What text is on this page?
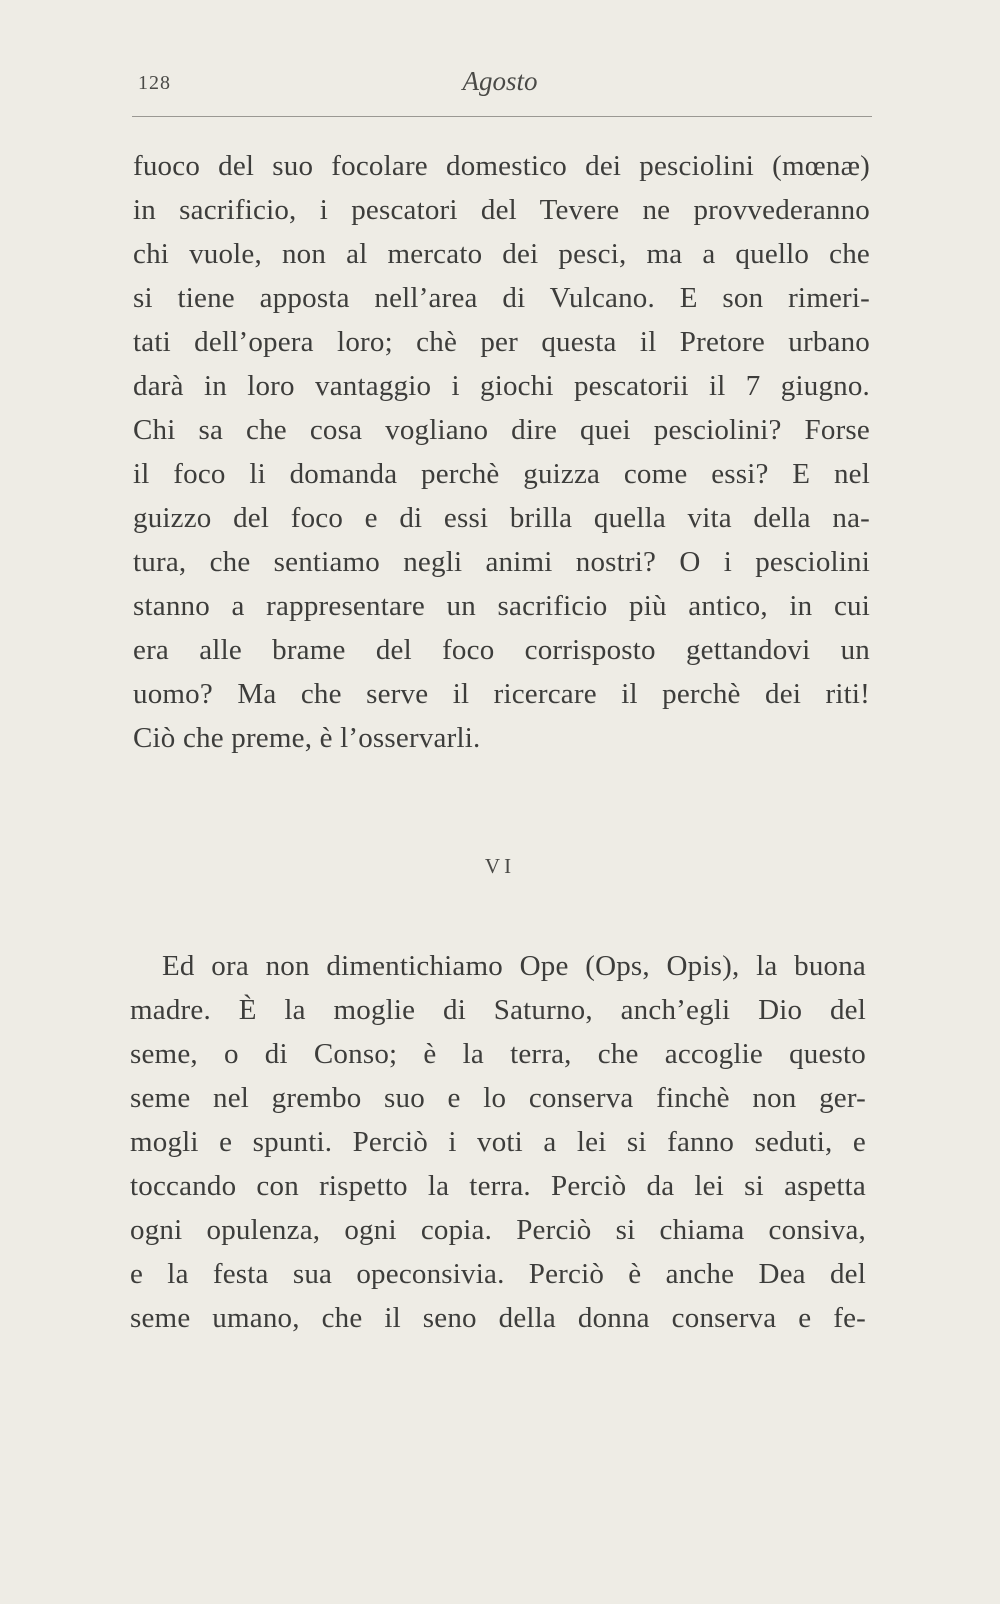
128	Agosto
fuoco del suo focolare domestico dei pesciolini (mœnæ)
in sacrificio, i pescatori del Tevere ne provvederanno
chi vuole, non al mercato dei pesci, ma a quello che
si tiene apposta nell’area di Vulcano. E son rimeri-
tati dell’opera loro; chè per questa il Pretore urbano
darà in loro vantaggio i giochi pescatorii il 7 giugno.
Chi sa che cosa vogliano dire quei pesciolini? Forse
il foco li domanda perchè guizza come essi? E nel
guizzo del foco e di essi brilla quella vita della na-
tura, che sentiamo negli animi nostri? O i pesciolini
stanno a rappresentare un sacrificio più antico, in cui
era alle brame del foco corrisposto gettandovi un
uomo? Ma che serve il ricercare il perchè dei riti!
Ciò che preme, è l’osservarli.
VI
Ed ora non dimentichiamo Ope (Ops, Opis), la buona
madre. È la moglie di Saturno, anch’egli Dio del
seme, o di Conso; è la terra, che accoglie questo
seme nel grembo suo e lo conserva finchè non ger-
mogli e spunti. Perciò i voti a lei si fanno seduti, e
toccando con rispetto la terra. Perciò da lei si aspetta
ogni opulenza, ogni copia. Perciò si chiama consiva,
e la festa sua opeconsivia. Perciò è anche Dea del
seme umano, che il seno della donna conserva e fe-
